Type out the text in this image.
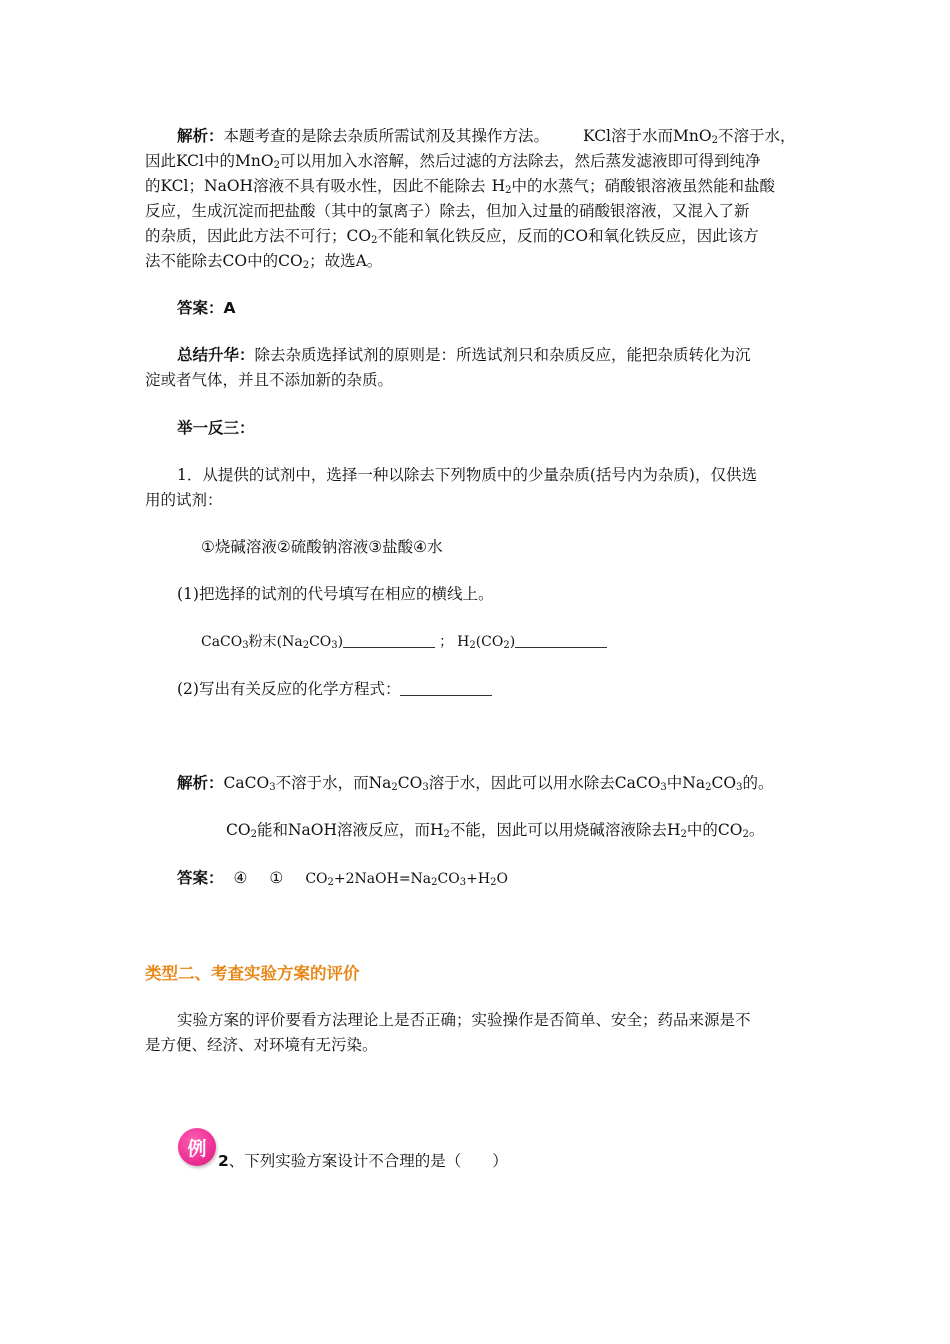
解析：本题考查的是除去杂质所需试剂及其操作方法。 KCl溶于水而MnO$_2$不溶于水，
因此KCl中的MnO$_2$可以用加入水溶解，然后过滤的方法除去，然后蒸发滤液即可得到纯净
的KCl；NaOH溶液不具有吸水性，因此不能除去 $H_2$中的水蒸气；硝酸银溶液虽然能和盐酸
反应，生成沉淀而把盐酸（其中的氯离子）除去，但加入过量的硝酸银溶液，又混入了新
的杂质，因此此方法不可行；$CO_2$不能和氧化铁反应，反而的CO和氧化铁反应，因此该方
法不能除去CO中的$CO_2$；故选A。
答案：A
总结升华：除去杂质选择试剂的原则是：所选试剂只和杂质反应，能把杂质转化为沉
淀或者气体，并且不添加新的杂质。
举一反三：
1．从提供的试剂中，选择一种以除去下列物质中的少量杂质(括号内为杂质)，仅供选
用的试剂：
①烧碱溶液②硫酸钠溶液③盐酸④水
(1)把选择的试剂的代号填写在相应的横线上。
CaCO$_3$粉末$(Na_2CO_3)$	； $H_2(CO_2)$
(2)写出有关反应的化学方程式：
解析：CaCO$_3$不溶于水，而$Na_2CO_3$溶于水，因此可以用水除去CaCO$_3$中$Na_2CO_3$的。
$CO_2$能和NaOH溶液反应，而$H_2$不能，因此可以用烧碱溶液除去$H_2$中的$CO_2$。
答案： ④ ① $CO_2+2NaOH=Na_2CO_3+H_2O$
类型二、考查实验方案的评价
实验方案的评价要看方法理论上是否正确；实验操作是否简单、安全；药品来源是不
是方便、经济、对环境有无污染。
例
2、下列实验方案设计不合理的是（　　）
